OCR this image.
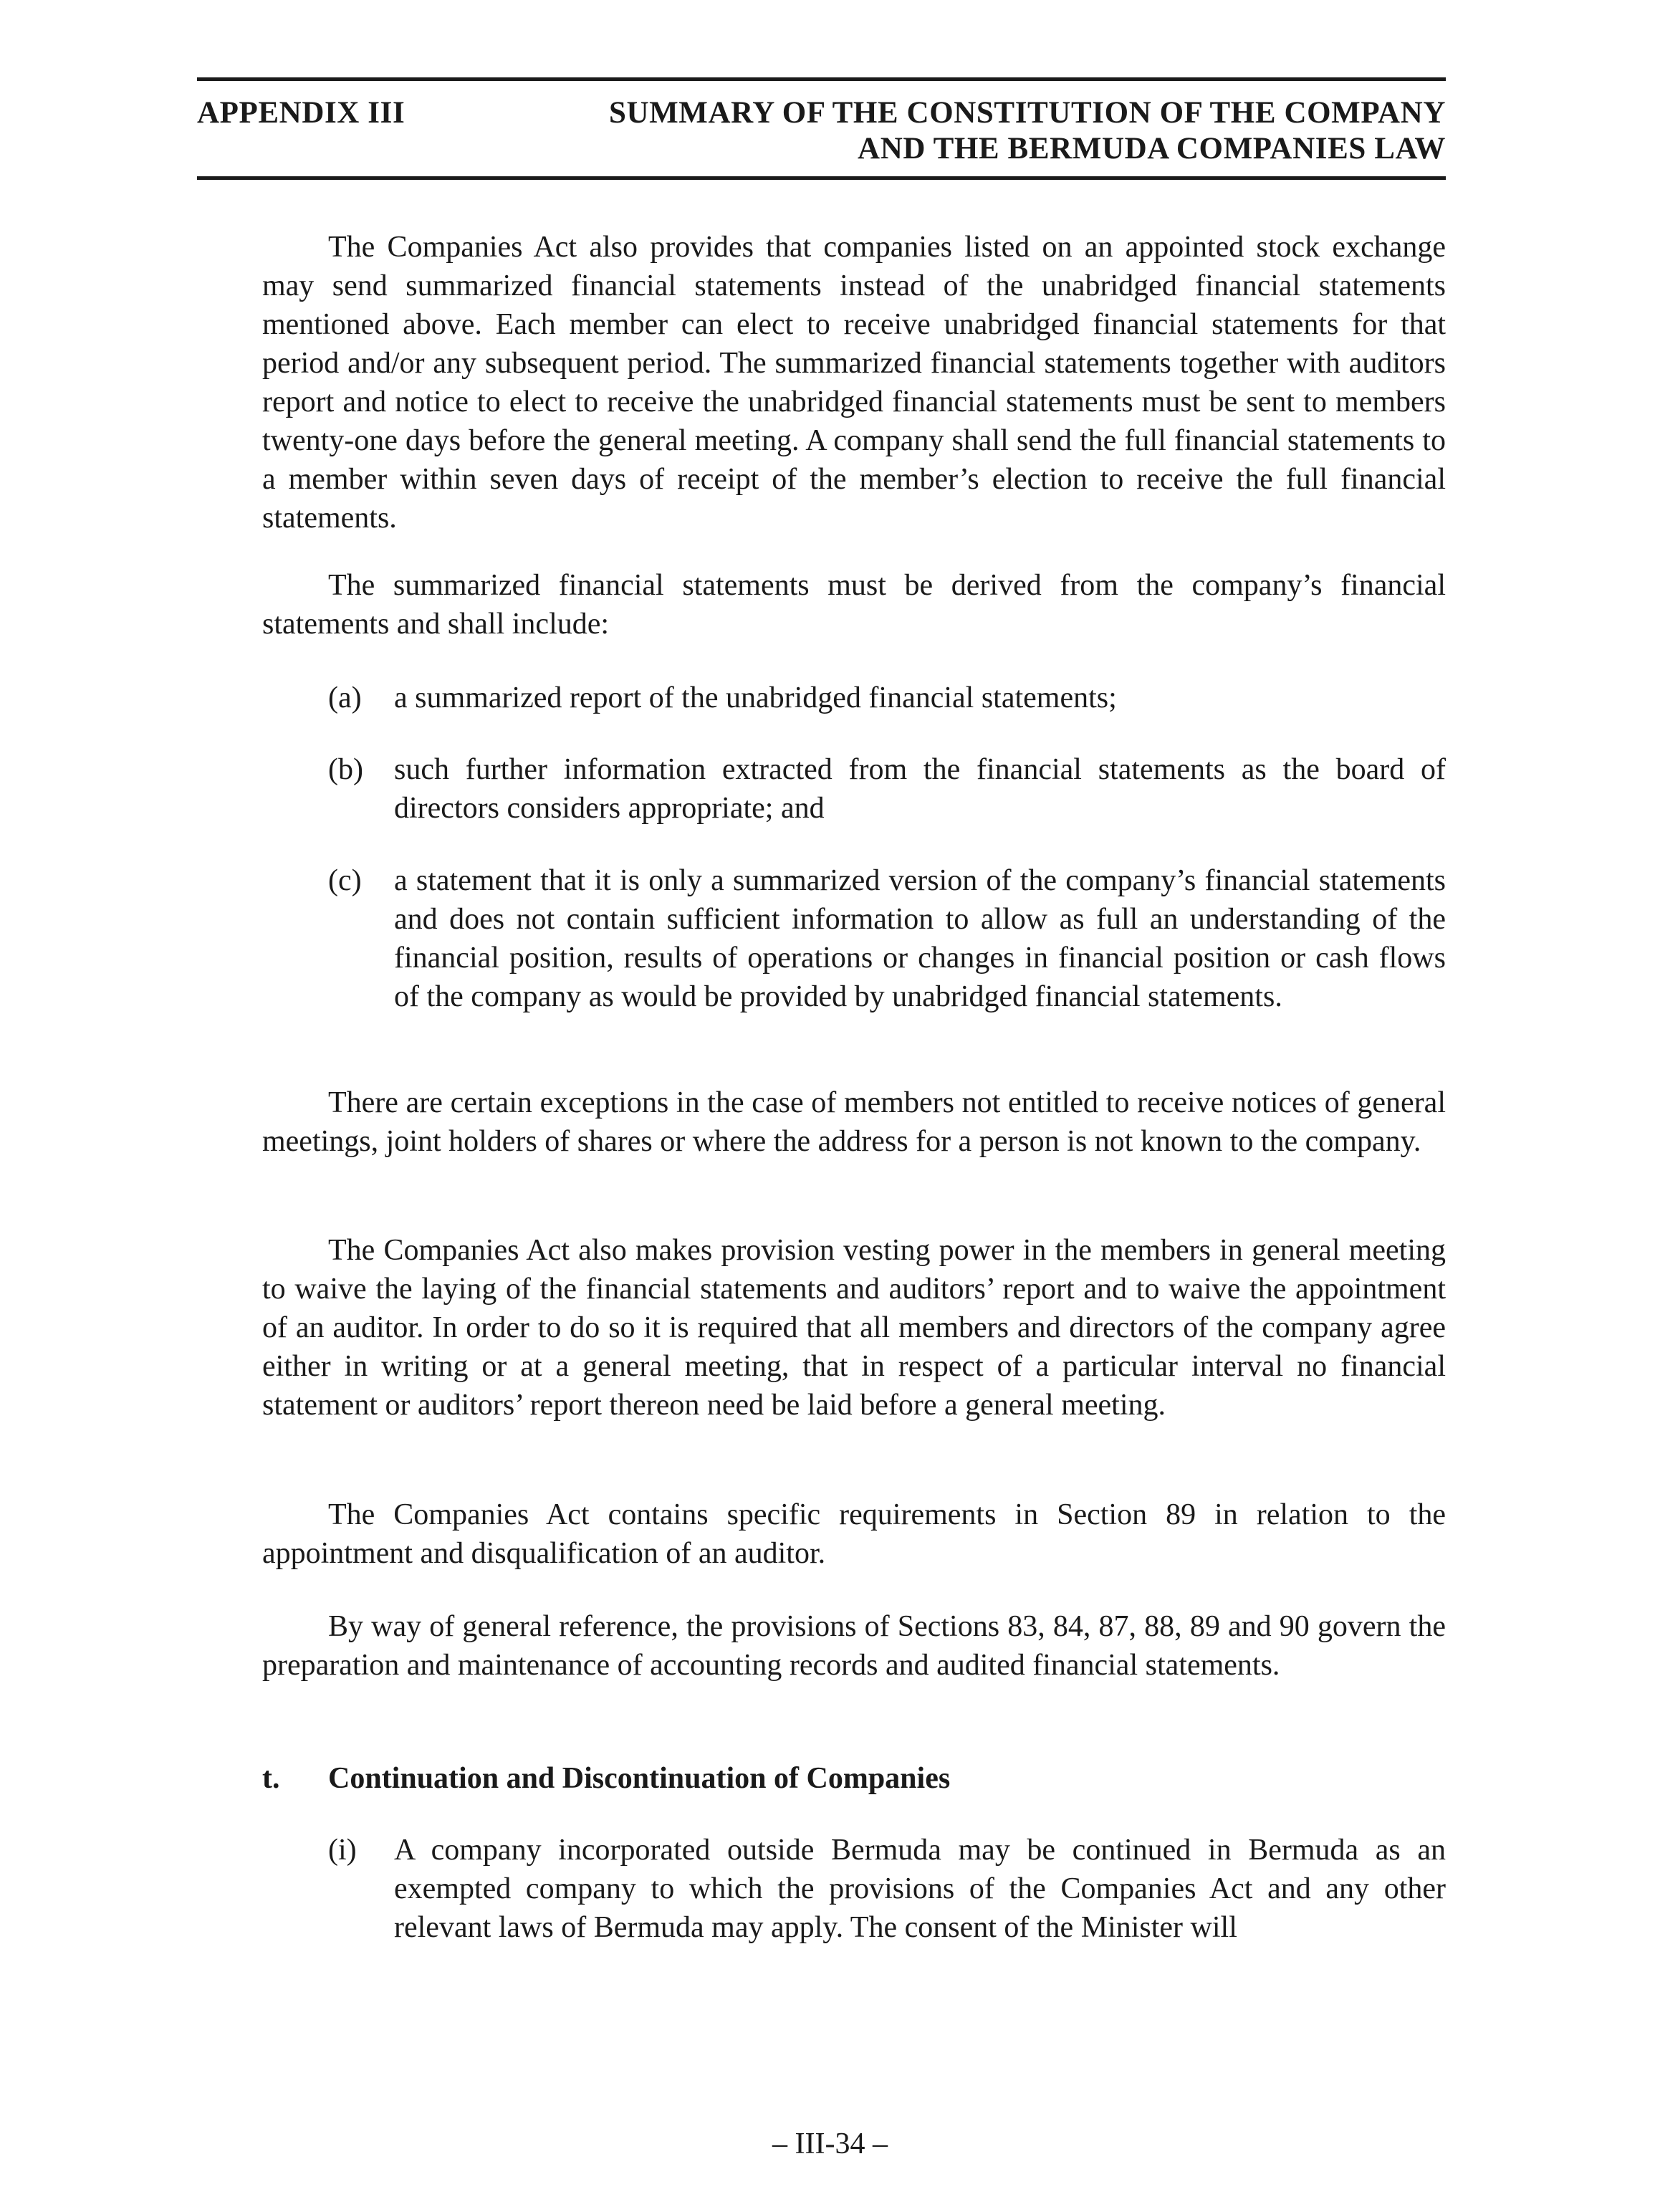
APPENDIX III	SUMMARY OF THE CONSTITUTION OF THE COMPANY
AND THE BERMUDA COMPANIES LAW

The Companies Act also provides that companies listed on an appointed stock exchange may send summarized financial statements instead of the unabridged financial statements mentioned above. Each member can elect to receive unabridged financial statements for that period and/or any subsequent period. The summarized financial statements together with auditors report and notice to elect to receive the unabridged financial statements must be sent to members twenty-one days before the general meeting. A company shall send the full financial statements to a member within seven days of receipt of the member’s election to receive the full financial statements.

The summarized financial statements must be derived from the company’s financial statements and shall include:

(a) a summarized report of the unabridged financial statements;
(b) such further information extracted from the financial statements as the board of directors considers appropriate; and
(c) a statement that it is only a summarized version of the company’s financial statements and does not contain sufficient information to allow as full an understanding of the financial position, results of operations or changes in financial position or cash flows of the company as would be provided by unabridged financial statements.

There are certain exceptions in the case of members not entitled to receive notices of general meetings, joint holders of shares or where the address for a person is not known to the company.

The Companies Act also makes provision vesting power in the members in general meeting to waive the laying of the financial statements and auditors’ report and to waive the appointment of an auditor. In order to do so it is required that all members and directors of the company agree either in writing or at a general meeting, that in respect of a particular interval no financial statement or auditors’ report thereon need be laid before a general meeting.

The Companies Act contains specific requirements in Section 89 in relation to the appointment and disqualification of an auditor.

By way of general reference, the provisions of Sections 83, 84, 87, 88, 89 and 90 govern the preparation and maintenance of accounting records and audited financial statements.

t. Continuation and Discontinuation of Companies
(i) A company incorporated outside Bermuda may be continued in Bermuda as an exempted company to which the provisions of the Companies Act and any other relevant laws of Bermuda may apply. The consent of the Minister will
– III-34 –
